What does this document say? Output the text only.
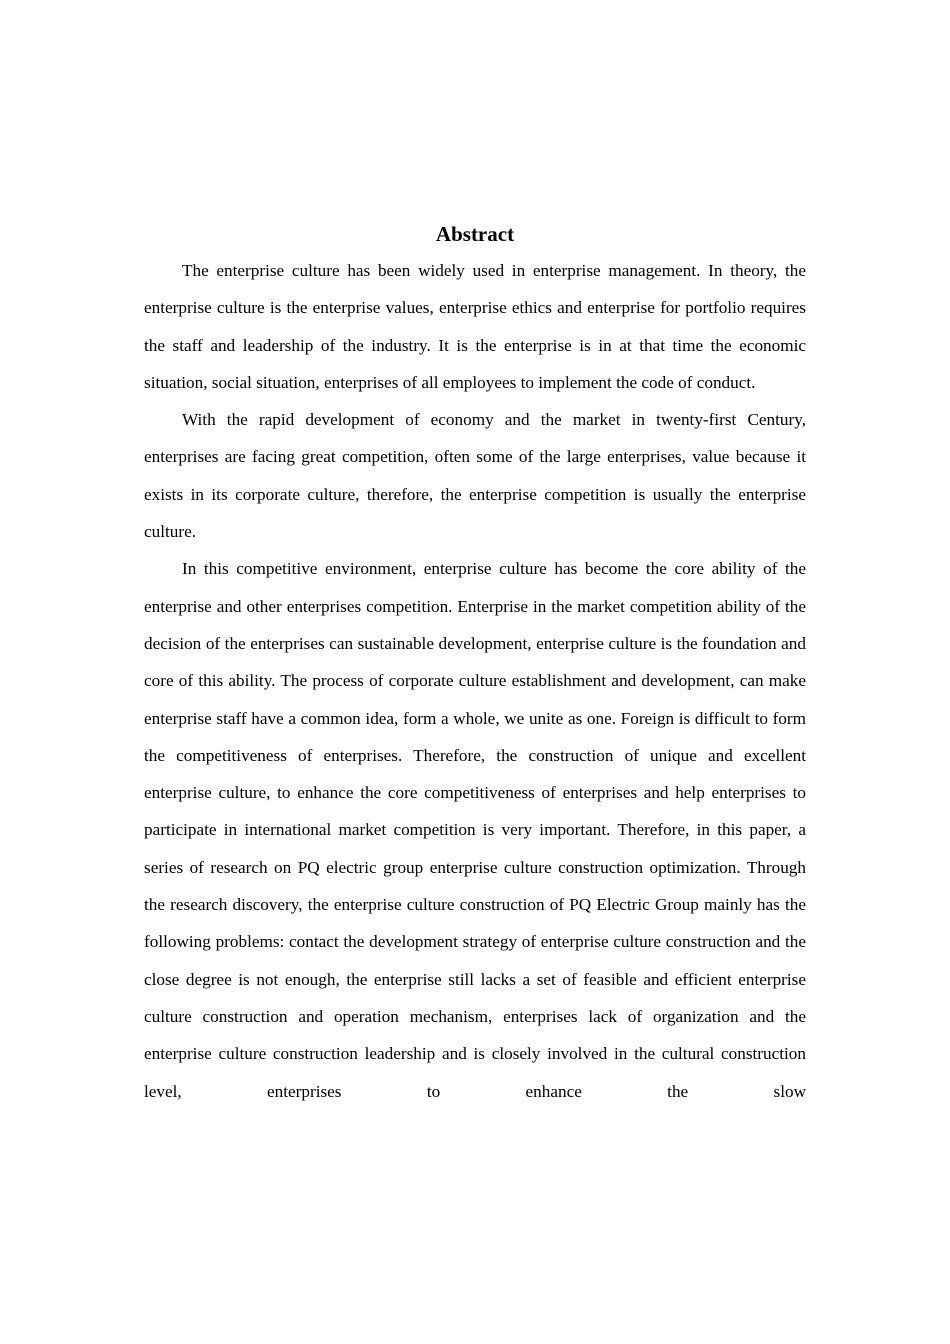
Abstract

The enterprise culture has been widely used in enterprise management. In theory, the enterprise culture is the enterprise values, enterprise ethics and enterprise for portfolio requires the staff and leadership of the industry. It is the enterprise is in at that time the economic situation, social situation, enterprises of all employees to implement the code of conduct.

With the rapid development of economy and the market in twenty-first Century, enterprises are facing great competition, often some of the large enterprises, value because it exists in its corporate culture, therefore, the enterprise competition is usually the enterprise culture.

In this competitive environment, enterprise culture has become the core ability of the enterprise and other enterprises competition. Enterprise in the market competition ability of the decision of the enterprises can sustainable development, enterprise culture is the foundation and core of this ability. The process of corporate culture establishment and development, can make enterprise staff have a common idea, form a whole, we unite as one. Foreign is difficult to form the competitiveness of enterprises. Therefore, the construction of unique and excellent enterprise culture, to enhance the core competitiveness of enterprises and help enterprises to participate in international market competition is very important. Therefore, in this paper, a series of research on PQ electric group enterprise culture construction optimization. Through the research discovery, the enterprise culture construction of PQ Electric Group mainly has the following problems: contact the development strategy of enterprise culture construction and the close degree is not enough, the enterprise still lacks a set of feasible and efficient enterprise culture construction and operation mechanism, enterprises lack of organization and the enterprise culture construction leadership and is closely involved in the cultural construction level, enterprises to enhance the slow
